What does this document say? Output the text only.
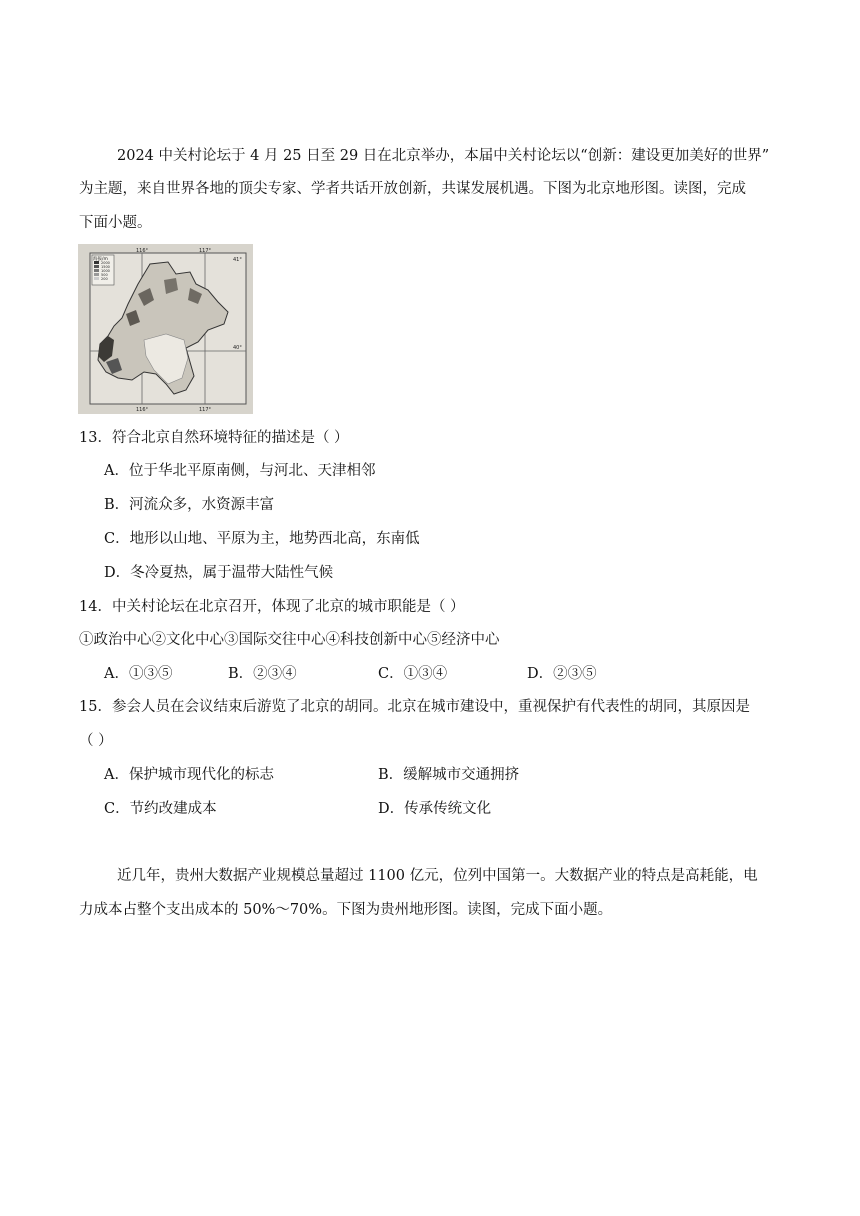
2024 中关村论坛于 4 月 25 日至 29 日在北京举办，本届中关村论坛以“创新：建设更加美好的世界”
为主题，来自世界各地的顶尖专家、学者共话开放创新，共谋发展机遇。下图为北京地形图。读图，完成
下面小题。
海拔/m
2000
1500
1000
500
200
116°	117°
116°	117°
41°
40°
13．符合北京自然环境特征的描述是（ ）
A．位于华北平原南侧，与河北、天津相邻
B．河流众多，水资源丰富
C．地形以山地、平原为主，地势西北高，东南低
D．冬冷夏热，属于温带大陆性气候
14．中关村论坛在北京召开，体现了北京的城市职能是（ ）
①政治中心②文化中心③国际交往中心④科技创新中心⑤经济中心
A．①③⑤	B．②③④	C．①③④	D．②③⑤
15．参会人员在会议结束后游览了北京的胡同。北京在城市建设中，重视保护有代表性的胡同，其原因是
（ ）
A．保护城市现代化的标志	B．缓解城市交通拥挤
C．节约改建成本	D．传承传统文化
近几年，贵州大数据产业规模总量超过 1100 亿元，位列中国第一。大数据产业的特点是高耗能，电
力成本占整个支出成本的 50%～70%。下图为贵州地形图。读图，完成下面小题。
